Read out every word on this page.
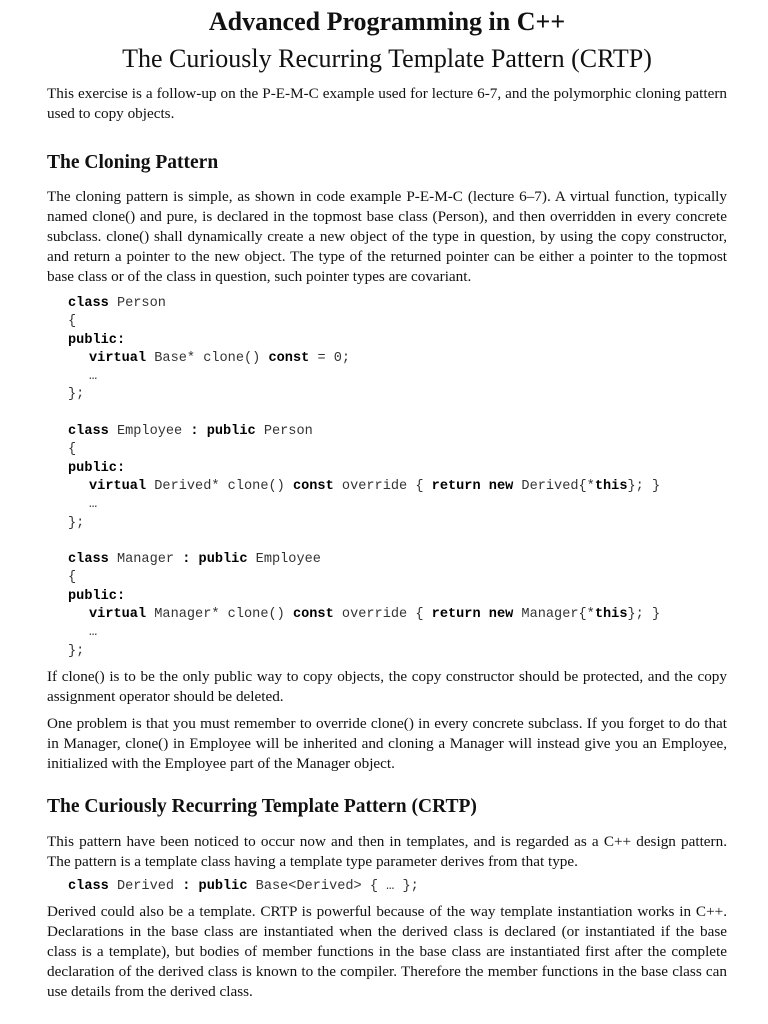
Advanced Programming in C++
The Curiously Recurring Template Pattern (CRTP)

This exercise is a follow-up on the P-E-M-C example used for lecture 6-7, and the polymorphic cloning pattern used to copy objects.

The Cloning Pattern

The cloning pattern is simple, as shown in code example P-E-M-C (lecture 6–7). A virtual function, typically named clone() and pure, is declared in the topmost base class (Person), and then overridden in every concrete subclass. clone() shall dynamically create a new object of the type in question, by using the copy constructor, and return a pointer to the new object. The type of the returned pointer can be either a pointer to the topmost base class or of the class in question, such pointer types are covariant.

class Person
{
public:
virtual Base* clone() const = 0;
…
};
class Employee : public Person
{
public:
virtual Derived* clone() const override { return new Derived{*this}; }
…
};
class Manager : public Employee
{
public:
virtual Manager* clone() const override { return new Manager{*this}; }
…
};

If clone() is to be the only public way to copy objects, the copy constructor should be protected, and the copy assignment operator should be deleted.

One problem is that you must remember to override clone() in every concrete subclass. If you forget to do that in Manager, clone() in Employee will be inherited and cloning a Manager will instead give you an Employee, initialized with the Employee part of the Manager object.

The Curiously Recurring Template Pattern (CRTP)

This pattern have been noticed to occur now and then in templates, and is regarded as a C++ design pattern. The pattern is a template class having a template type parameter derives from that type.

class Derived : public Base<Derived> { … };

Derived could also be a template. CRTP is powerful because of the way template instantiation works in C++. Declarations in the base class are instantiated when the derived class is declared (or instantiated if the base class is a template), but bodies of member functions in the base class are instantiated first after the complete declaration of the derived class is known to the compiler. Therefore the member functions in the base class can use details from the derived class.
